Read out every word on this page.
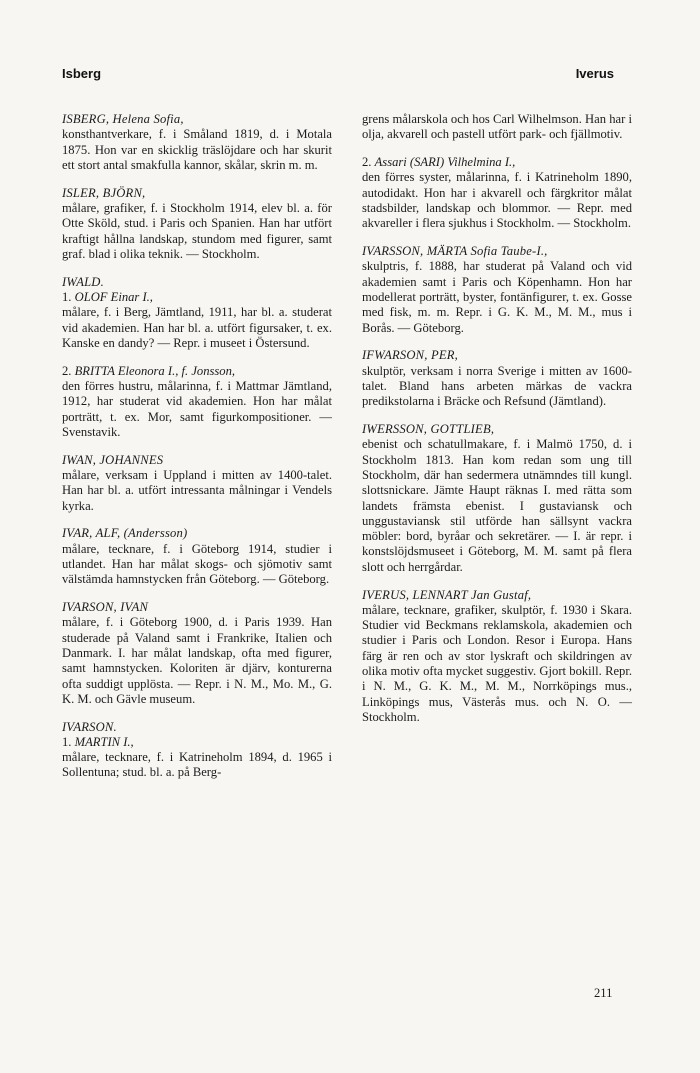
Isberg	Iverus
ISBERG, Helena Sofia,

konsthantverkare, f. i Småland 1819, d. i Motala 1875. Hon var en skicklig träslöjdare och har skurit ett stort antal smakfulla kannor, skålar, skrin m. m.

ISLER, BJÖRN,

målare, grafiker, f. i Stockholm 1914, elev bl. a. för Otte Sköld, stud. i Paris och Spanien. Han har utfört kraftigt hållna landskap, stundom med figurer, samt graf. blad i olika teknik. — Stockholm.

IWALD.
1. OLOF Einar I.,

målare, f. i Berg, Jämtland, 1911, har bl. a. studerat vid akademien. Han har bl. a. utfört figursaker, t. ex. Kanske en dandy? — Repr. i museet i Östersund.

2. BRITTA Eleonora I., f. Jonsson,

den förres hustru, målarinna, f. i Mattmar Jämtland, 1912, har studerat vid akademien. Hon har målat porträtt, t. ex. Mor, samt figurkompositioner. — Svenstavik.

IWAN, JOHANNES

målare, verksam i Uppland i mitten av 1400-talet. Han har bl. a. utfört intressanta målningar i Vendels kyrka.

IVAR, ALF, (Andersson)

målare, tecknare, f. i Göteborg 1914, studier i utlandet. Han har målat skogs- och sjömotiv samt välstämda hamnstycken från Göteborg. — Göteborg.

IVARSON, IVAN

målare, f. i Göteborg 1900, d. i Paris 1939. Han studerade på Valand samt i Frankrike, Italien och Danmark. I. har målat landskap, ofta med figurer, samt hamnstycken. Koloriten är djärv, konturerna ofta suddigt upplösta. — Repr. i N. M., Mo. M., G. K. M. och Gävle museum.

IVARSON.
1. MARTIN I.,

målare, tecknare, f. i Katrineholm 1894, d. 1965 i Sollentuna; stud. bl. a. på Berg-

grens målarskola och hos Carl Wilhelmson. Han har i olja, akvarell och pastell utfört park- och fjällmotiv.

2. Assari (SARI) Vilhelmina I.,

den förres syster, målarinna, f. i Katrineholm 1890, autodidakt. Hon har i akvarell och färgkritor målat stadsbilder, landskap och blommor. — Repr. med akvareller i flera sjukhus i Stockholm. — Stockholm.

IVARSSON, MÄRTA Sofia Taube-I.,

skulptris, f. 1888, har studerat på Valand och vid akademien samt i Paris och Köpenhamn. Hon har modellerat porträtt, byster, fontänfigurer, t. ex. Gosse med fisk, m. m. Repr. i G. K. M., M. M., mus i Borås. — Göteborg.

IFWARSON, PER,

skulptör, verksam i norra Sverige i mitten av 1600-talet. Bland hans arbeten märkas de vackra predikstolarna i Bräcke och Refsund (Jämtland).

IWERSSON, GOTTLIEB,

ebenist och schatullmakare, f. i Malmö 1750, d. i Stockholm 1813. Han kom redan som ung till Stockholm, där han sedermera utnämndes till kungl. slottsnickare. Jämte Haupt räknas I. med rätta som landets främsta ebenist. I gustaviansk och unggustaviansk stil utförde han sällsynt vackra möbler: bord, byråar och sekretärer. — I. är repr. i konstslöjdsmuseet i Göteborg, M. M. samt på flera slott och herrgårdar.

IVERUS, LENNART Jan Gustaf,

målare, tecknare, grafiker, skulptör, f. 1930 i Skara. Studier vid Beckmans reklamskola, akademien och studier i Paris och London. Resor i Europa. Hans färg är ren och av stor lyskraft och skildringen av olika motiv ofta mycket suggestiv. Gjort bokill. Repr. i N. M., G. K. M., M. M., Norrköpings mus., Linköpings mus, Västerås mus. och N. O. — Stockholm.

211
